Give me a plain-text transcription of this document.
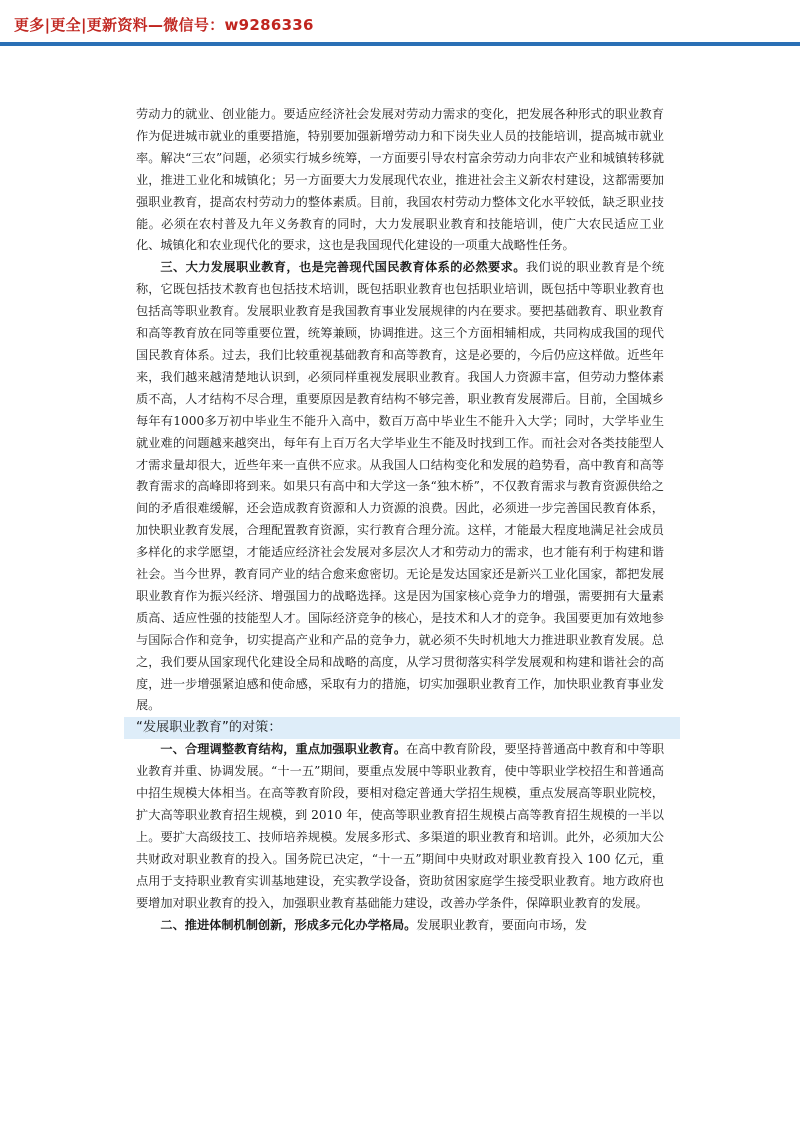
更多|更全|更新资料—微信号：w9286336

劳动力的就业、创业能力。要适应经济社会发展对劳动力需求的变化，把发展各种形式的职业教育作为促进城市就业的重要措施，特别要加强新增劳动力和下岗失业人员的技能培训，提高城市就业率。解决“三农”问题，必须实行城乡统筹，一方面要引导农村富余劳动力向非农产业和城镇转移就业，推进工业化和城镇化；另一方面要大力发展现代农业，推进社会主义新农村建设，这都需要加强职业教育，提高农村劳动力的整体素质。目前，我国农村劳动力整体文化水平较低，缺乏职业技能。必须在农村普及九年义务教育的同时，大力发展职业教育和技能培训，使广大农民适应工业化、城镇化和农业现代化的要求，这也是我国现代化建设的一项重大战略性任务。

三、大力发展职业教育，也是完善现代国民教育体系的必然要求。我们说的职业教育是个统称，它既包括技术教育也包括技术培训，既包括职业教育也包括职业培训，既包括中等职业教育也包括高等职业教育。发展职业教育是我国教育事业发展规律的内在要求。要把基础教育、职业教育和高等教育放在同等重要位置，统筹兼顾，协调推进。这三个方面相辅相成，共同构成我国的现代国民教育体系。过去，我们比较重视基础教育和高等教育，这是必要的，今后仍应这样做。近些年来，我们越来越清楚地认识到，必须同样重视发展职业教育。我国人力资源丰富，但劳动力整体素质不高，人才结构不尽合理，重要原因是教育结构不够完善，职业教育发展滞后。目前，全国城乡每年有1000多万初中毕业生不能升入高中，数百万高中毕业生不能升入大学；同时，大学毕业生就业难的问题越来越突出，每年有上百万名大学毕业生不能及时找到工作。而社会对各类技能型人才需求量却很大，近些年来一直供不应求。从我国人口结构变化和发展的趋势看，高中教育和高等教育需求的高峰即将到来。如果只有高中和大学这一条“独木桥”，不仅教育需求与教育资源供给之间的矛盾很难缓解，还会造成教育资源和人力资源的浪费。因此，必须进一步完善国民教育体系，加快职业教育发展，合理配置教育资源，实行教育合理分流。这样，才能最大程度地满足社会成员多样化的求学愿望，才能适应经济社会发展对多层次人才和劳动力的需求，也才能有利于构建和谐社会。当今世界，教育同产业的结合愈来愈密切。无论是发达国家还是新兴工业化国家，都把发展职业教育作为振兴经济、增强国力的战略选择。这是因为国家核心竞争力的增强，需要拥有大量素质高、适应性强的技能型人才。国际经济竞争的核心，是技术和人才的竞争。我国要更加有效地参与国际合作和竞争，切实提高产业和产品的竞争力，就必须不失时机地大力推进职业教育发展。总之，我们要从国家现代化建设全局和战略的高度，从学习贯彻落实科学发展观和构建和谐社会的高度，进一步增强紧迫感和使命感，采取有力的措施，切实加强职业教育工作，加快职业教育事业发展。

“发展职业教育”的对策：

一、合理调整教育结构，重点加强职业教育。在高中教育阶段，要坚持普通高中教育和中等职业教育并重、协调发展。“十一五”期间，要重点发展中等职业教育，使中等职业学校招生和普通高中招生规模大体相当。在高等教育阶段，要相对稳定普通大学招生规模，重点发展高等职业院校，扩大高等职业教育招生规模，到 2010 年，使高等职业教育招生规模占高等教育招生规模的一半以上。要扩大高级技工、技师培养规模。发展多形式、多渠道的职业教育和培训。此外，必须加大公共财政对职业教育的投入。国务院已决定，“十一五”期间中央财政对职业教育投入 100 亿元，重点用于支持职业教育实训基地建设，充实教学设备，资助贫困家庭学生接受职业教育。地方政府也要增加对职业教育的投入，加强职业教育基础能力建设，改善办学条件，保障职业教育的发展。

二、推进体制机制创新，形成多元化办学格局。发展职业教育，要面向市场，发
